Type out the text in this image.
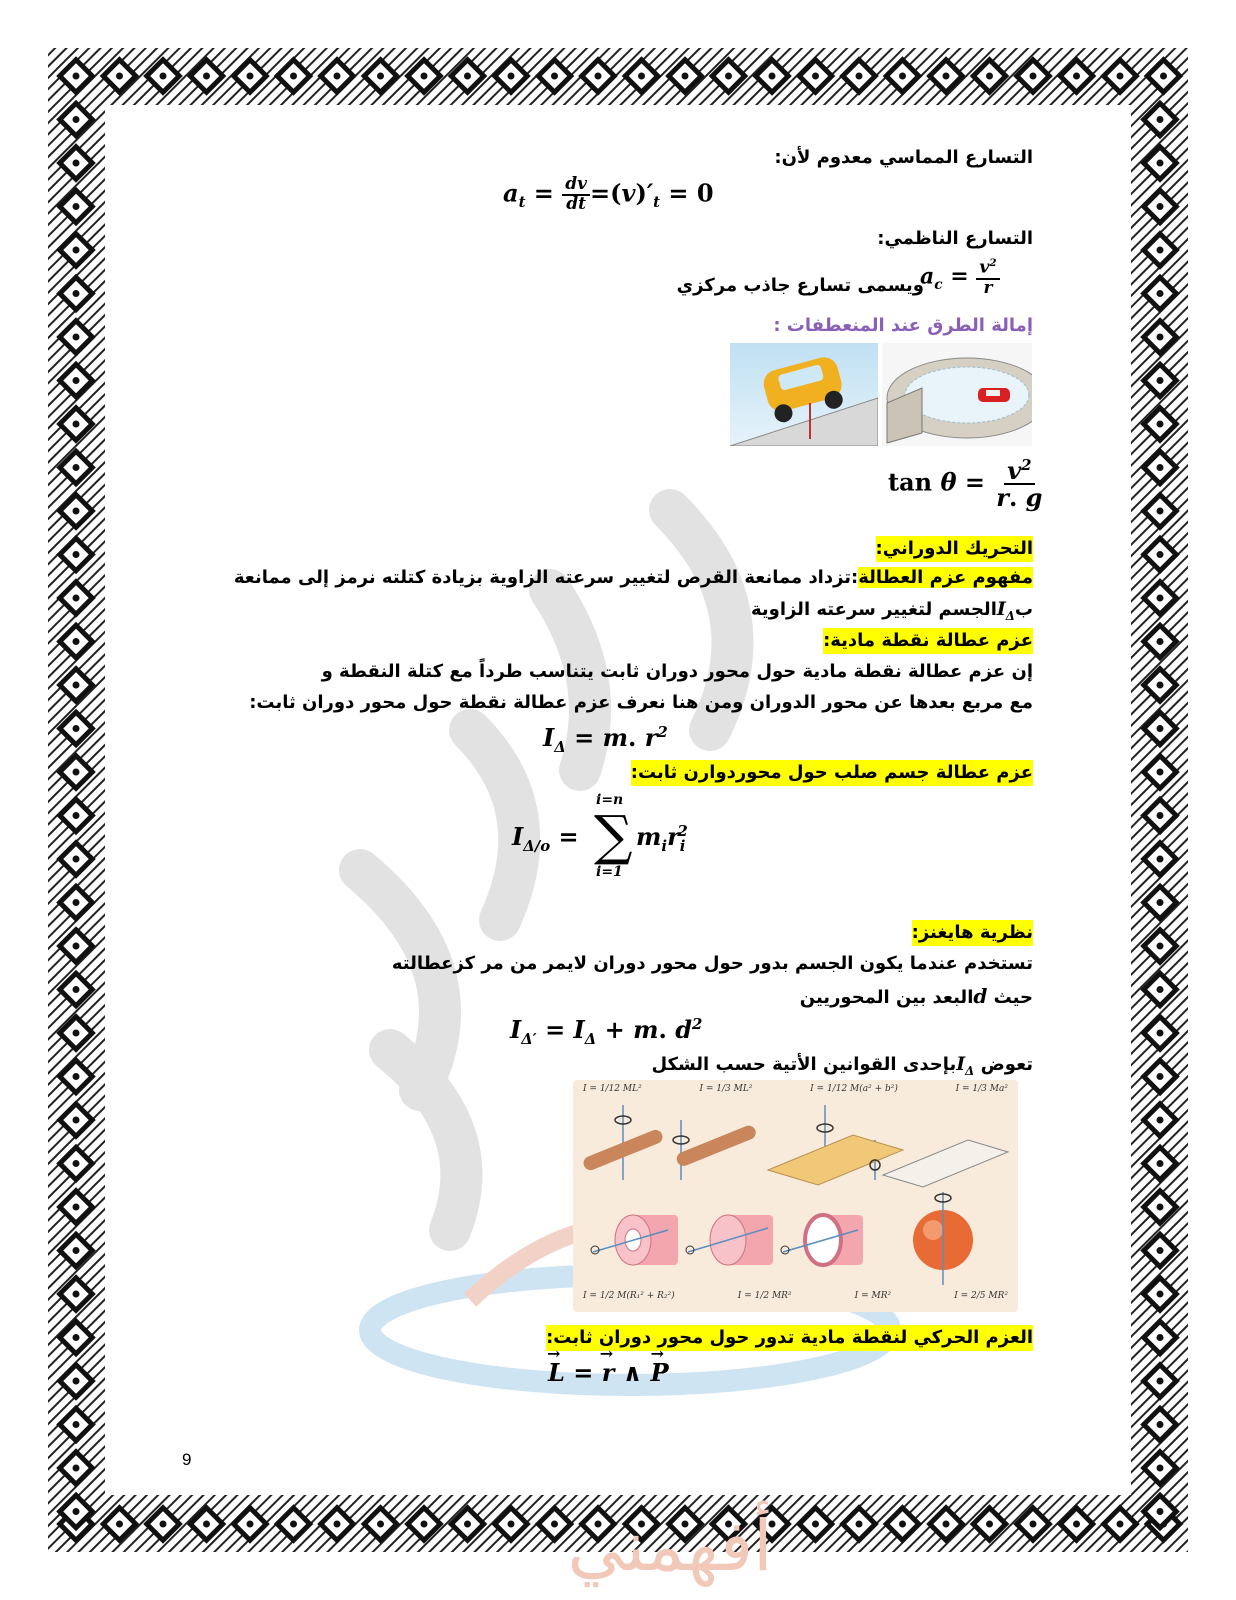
أفهمني
التسارع المماسي معدوم لأن:
$a_t = \frac{dv}{dt} =(v)'_t = 0$
التسارع الناظمي:
$a_c = \frac{v^2}{r}$
ويسمى تسارع جاذب مركزي
إمالة الطرق عند المنعطفات :
$\tan \theta = \frac{v^2}{r. g}$
التحريك الدوراني:
مفهوم عزم العطالة:تزداد ممانعة القرص لتغيير سرعته الزاوية بزيادة كتلته نرمز إلى ممانعة
بI$_\Delta$الجسم لتغيير سرعته الزاوية
عزم عطالة نقطة مادية:
إن عزم عطالة نقطة مادية حول محور دوران ثابت يتناسب طرداً مع كتلة النقطة و
مع مربع بعدها عن محور الدوران ومن هنا نعرف عزم عطالة نقطة حول محور دوران ثابت:
$I_\Delta = m$. $r^2$
عزم عطالة جسم صلب حول محوردوارن ثابت:
$I_{\Delta/o}$ =
i=n
∑
i=1
$m_ir_i^2$
نظرية هايغنز:
تستخدم عندما يكون الجسم بدور حول محور دوران لايمر من مر كزعطالته
حيث dالبعد بين المحوريين
$I_{\Delta'} = I_\Delta + m$. $d^2$
تعوض $I_\Delta بإحدى$ القوانين الأتية حسب الشكل
I = 1/12 ML²	I = 1/3 ML²	I = 1/12 M(a² + b²)	I = 1/3 Ma²
I = 1/2 M(R₁² + R₂²)	I = 1/2 MR²	I = MR²	I = 2/5 MR²
العزم الحركي لنقطة مادية تدور حول محور دوران ثابت:
L
→
= r
→
∧ P
→
9
